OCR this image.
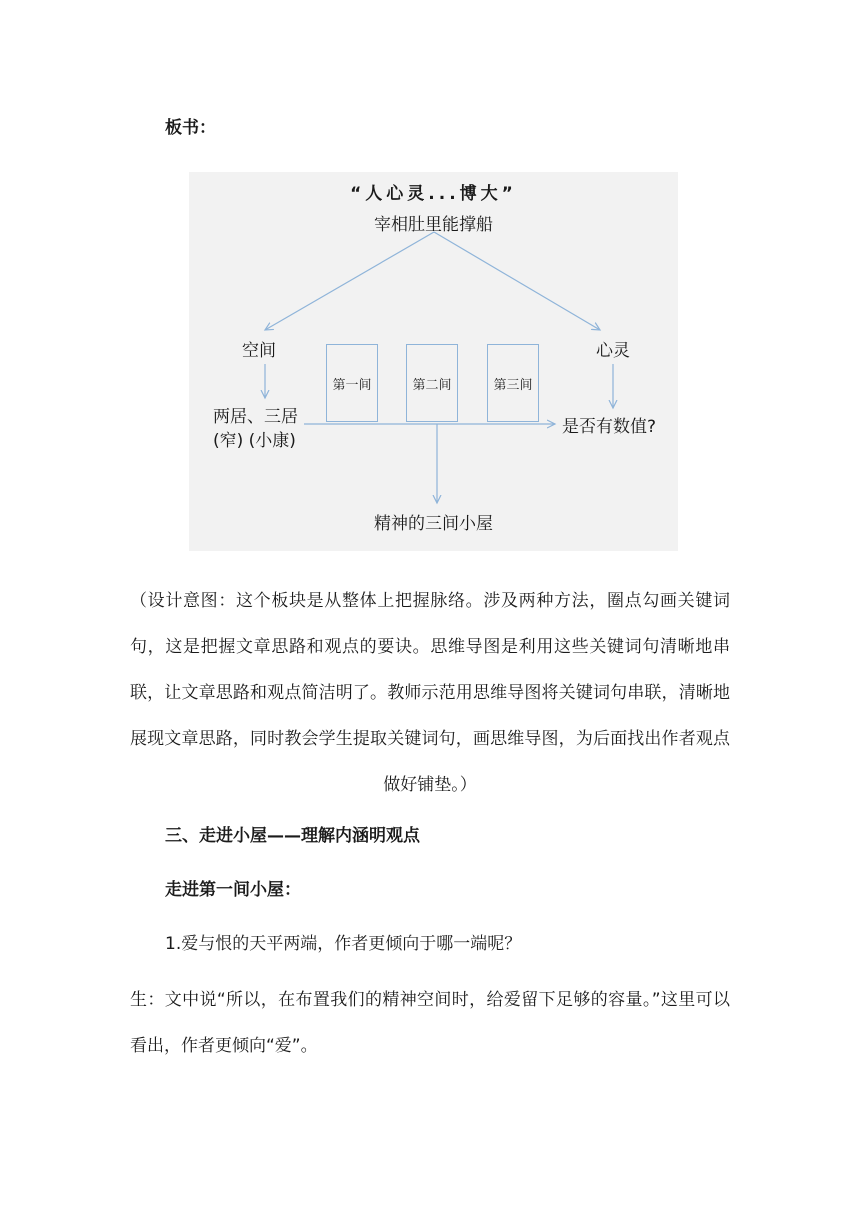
板书：

“人心灵...博大”
宰相肚里能撑船
空间	心灵
第一间	第二间	第三间
两居、三居
(窄) (小康)
是否有数值?
精神的三间小屋

（设计意图：这个板块是从整体上把握脉络。涉及两种方法，圈点勾画关键词句，这是把握文章思路和观点的要诀。思维导图是利用这些关键词句清晰地串联，让文章思路和观点简洁明了。教师示范用思维导图将关键词句串联，清晰地展现文章思路，同时教会学生提取关键词句，画思维导图，为后面找出作者观点做好铺垫。）

三、走进小屋——理解内涵明观点

走进第一间小屋：

1.爱与恨的天平两端，作者更倾向于哪一端呢？

生：文中说“所以，在布置我们的精神空间时，给爱留下足够的容量。”这里可以看出，作者更倾向“爱”。
